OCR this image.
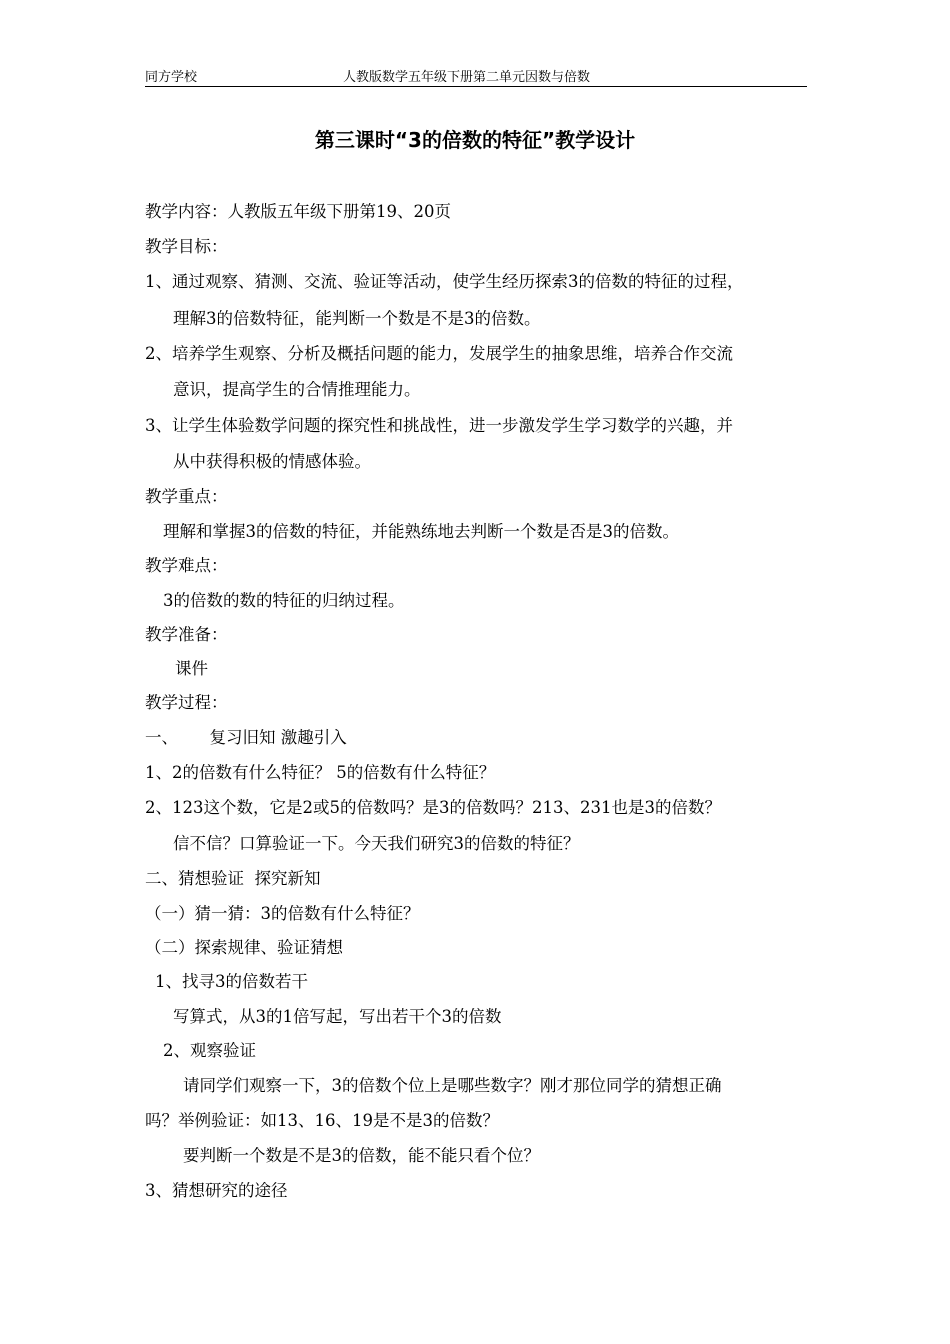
同方学校	人教版数学五年级下册第二单元因数与倍数
第三课时“3的倍数的特征”教学设计
教学内容：人教版五年级下册第19、20页
教学目标：
1、通过观察、猜测、交流、验证等活动，使学生经历探索3的倍数的特征的过程，
理解3的倍数特征，能判断一个数是不是3的倍数。
2、培养学生观察、分析及概括问题的能力，发展学生的抽象思维，培养合作交流
意识，提高学生的合情推理能力。
3、让学生体验数学问题的探究性和挑战性，进一步激发学生学习数学的兴趣，并
从中获得积极的情感体验。
教学重点：
理解和掌握3的倍数的特征，并能熟练地去判断一个数是否是3的倍数。
教学难点：
3的倍数的数的特征的归纳过程。
教学准备：
课件
教学过程：
一、      复习旧知 激趣引入
1、2的倍数有什么特征？ 5的倍数有什么特征？
2、123这个数，它是2或5的倍数吗？是3的倍数吗？213、231也是3的倍数？
信不信？口算验证一下。今天我们研究3的倍数的特征？
二、猜想验证  探究新知
（一）猜一猜：3的倍数有什么特征？
（二）探索规律、验证猜想
1、找寻3的倍数若干
写算式，从3的1倍写起，写出若干个3的倍数
2、观察验证
请同学们观察一下，3的倍数个位上是哪些数字？刚才那位同学的猜想正确
吗？举例验证：如13、16、19是不是3的倍数？
要判断一个数是不是3的倍数，能不能只看个位？
3、猜想研究的途径
